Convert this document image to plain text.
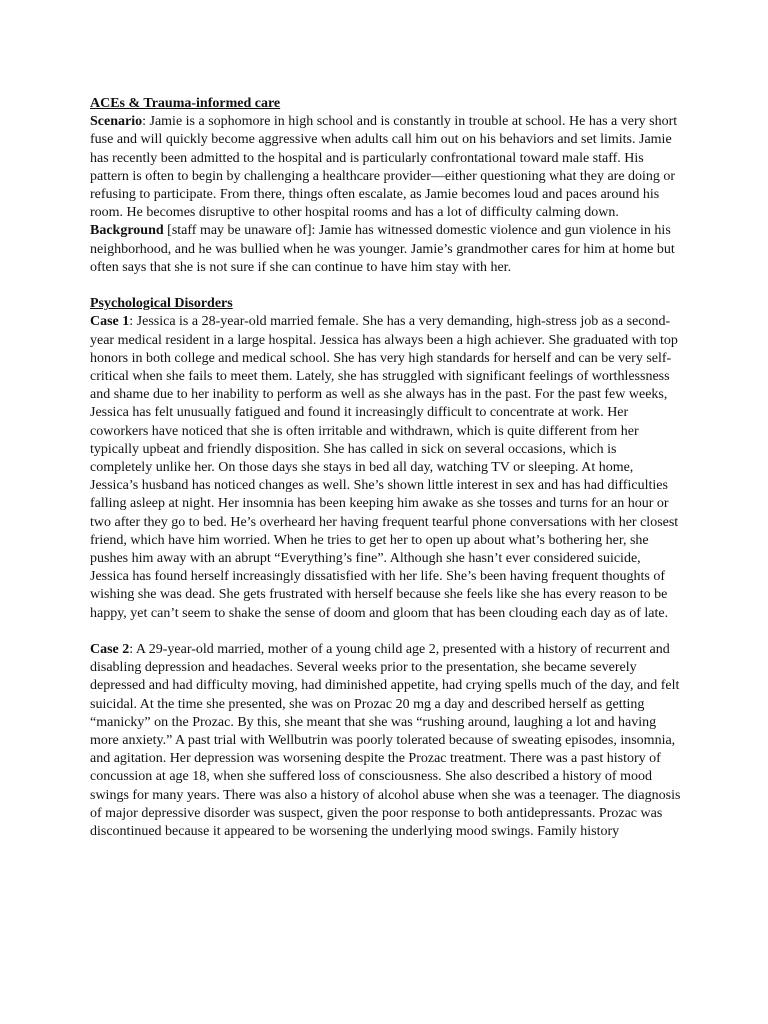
ACEs & Trauma-informed care

Scenario: Jamie is a sophomore in high school and is constantly in trouble at school. He has a very short fuse and will quickly become aggressive when adults call him out on his behaviors and set limits. Jamie has recently been admitted to the hospital and is particularly confrontational toward male staff. His pattern is often to begin by challenging a healthcare provider—either questioning what they are doing or refusing to participate. From there, things often escalate, as Jamie becomes loud and paces around his room. He becomes disruptive to other hospital rooms and has a lot of difficulty calming down.

Background [staff may be unaware of]: Jamie has witnessed domestic violence and gun violence in his neighborhood, and he was bullied when he was younger. Jamie’s grandmother cares for him at home but often says that she is not sure if she can continue to have him stay with her.

Psychological Disorders

Case 1: Jessica is a 28-year-old married female. She has a very demanding, high-stress job as a second-year medical resident in a large hospital. Jessica has always been a high achiever. She graduated with top honors in both college and medical school. She has very high standards for herself and can be very self-critical when she fails to meet them. Lately, she has struggled with significant feelings of worthlessness and shame due to her inability to perform as well as she always has in the past. For the past few weeks, Jessica has felt unusually fatigued and found it increasingly difficult to concentrate at work. Her coworkers have noticed that she is often irritable and withdrawn, which is quite different from her typically upbeat and friendly disposition. She has called in sick on several occasions, which is completely unlike her. On those days she stays in bed all day, watching TV or sleeping. At home, Jessica’s husband has noticed changes as well. She’s shown little interest in sex and has had difficulties falling asleep at night. Her insomnia has been keeping him awake as she tosses and turns for an hour or two after they go to bed. He’s overheard her having frequent tearful phone conversations with her closest friend, which have him worried. When he tries to get her to open up about what’s bothering her, she pushes him away with an abrupt “Everything’s fine”. Although she hasn’t ever considered suicide, Jessica has found herself increasingly dissatisfied with her life. She’s been having frequent thoughts of wishing she was dead. She gets frustrated with herself because she feels like she has every reason to be happy, yet can’t seem to shake the sense of doom and gloom that has been clouding each day as of late.

Case 2: A 29-year-old married, mother of a young child age 2, presented with a history of recurrent and disabling depression and headaches. Several weeks prior to the presentation, she became severely depressed and had difficulty moving, had diminished appetite, had crying spells much of the day, and felt suicidal. At the time she presented, she was on Prozac 20 mg a day and described herself as getting “manicky” on the Prozac. By this, she meant that she was “rushing around, laughing a lot and having more anxiety.” A past trial with Wellbutrin was poorly tolerated because of sweating episodes, insomnia, and agitation. Her depression was worsening despite the Prozac treatment. There was a past history of concussion at age 18, when she suffered loss of consciousness. She also described a history of mood swings for many years. There was also a history of alcohol abuse when she was a teenager. The diagnosis of major depressive disorder was suspect, given the poor response to both antidepressants. Prozac was discontinued because it appeared to be worsening the underlying mood swings. Family history
